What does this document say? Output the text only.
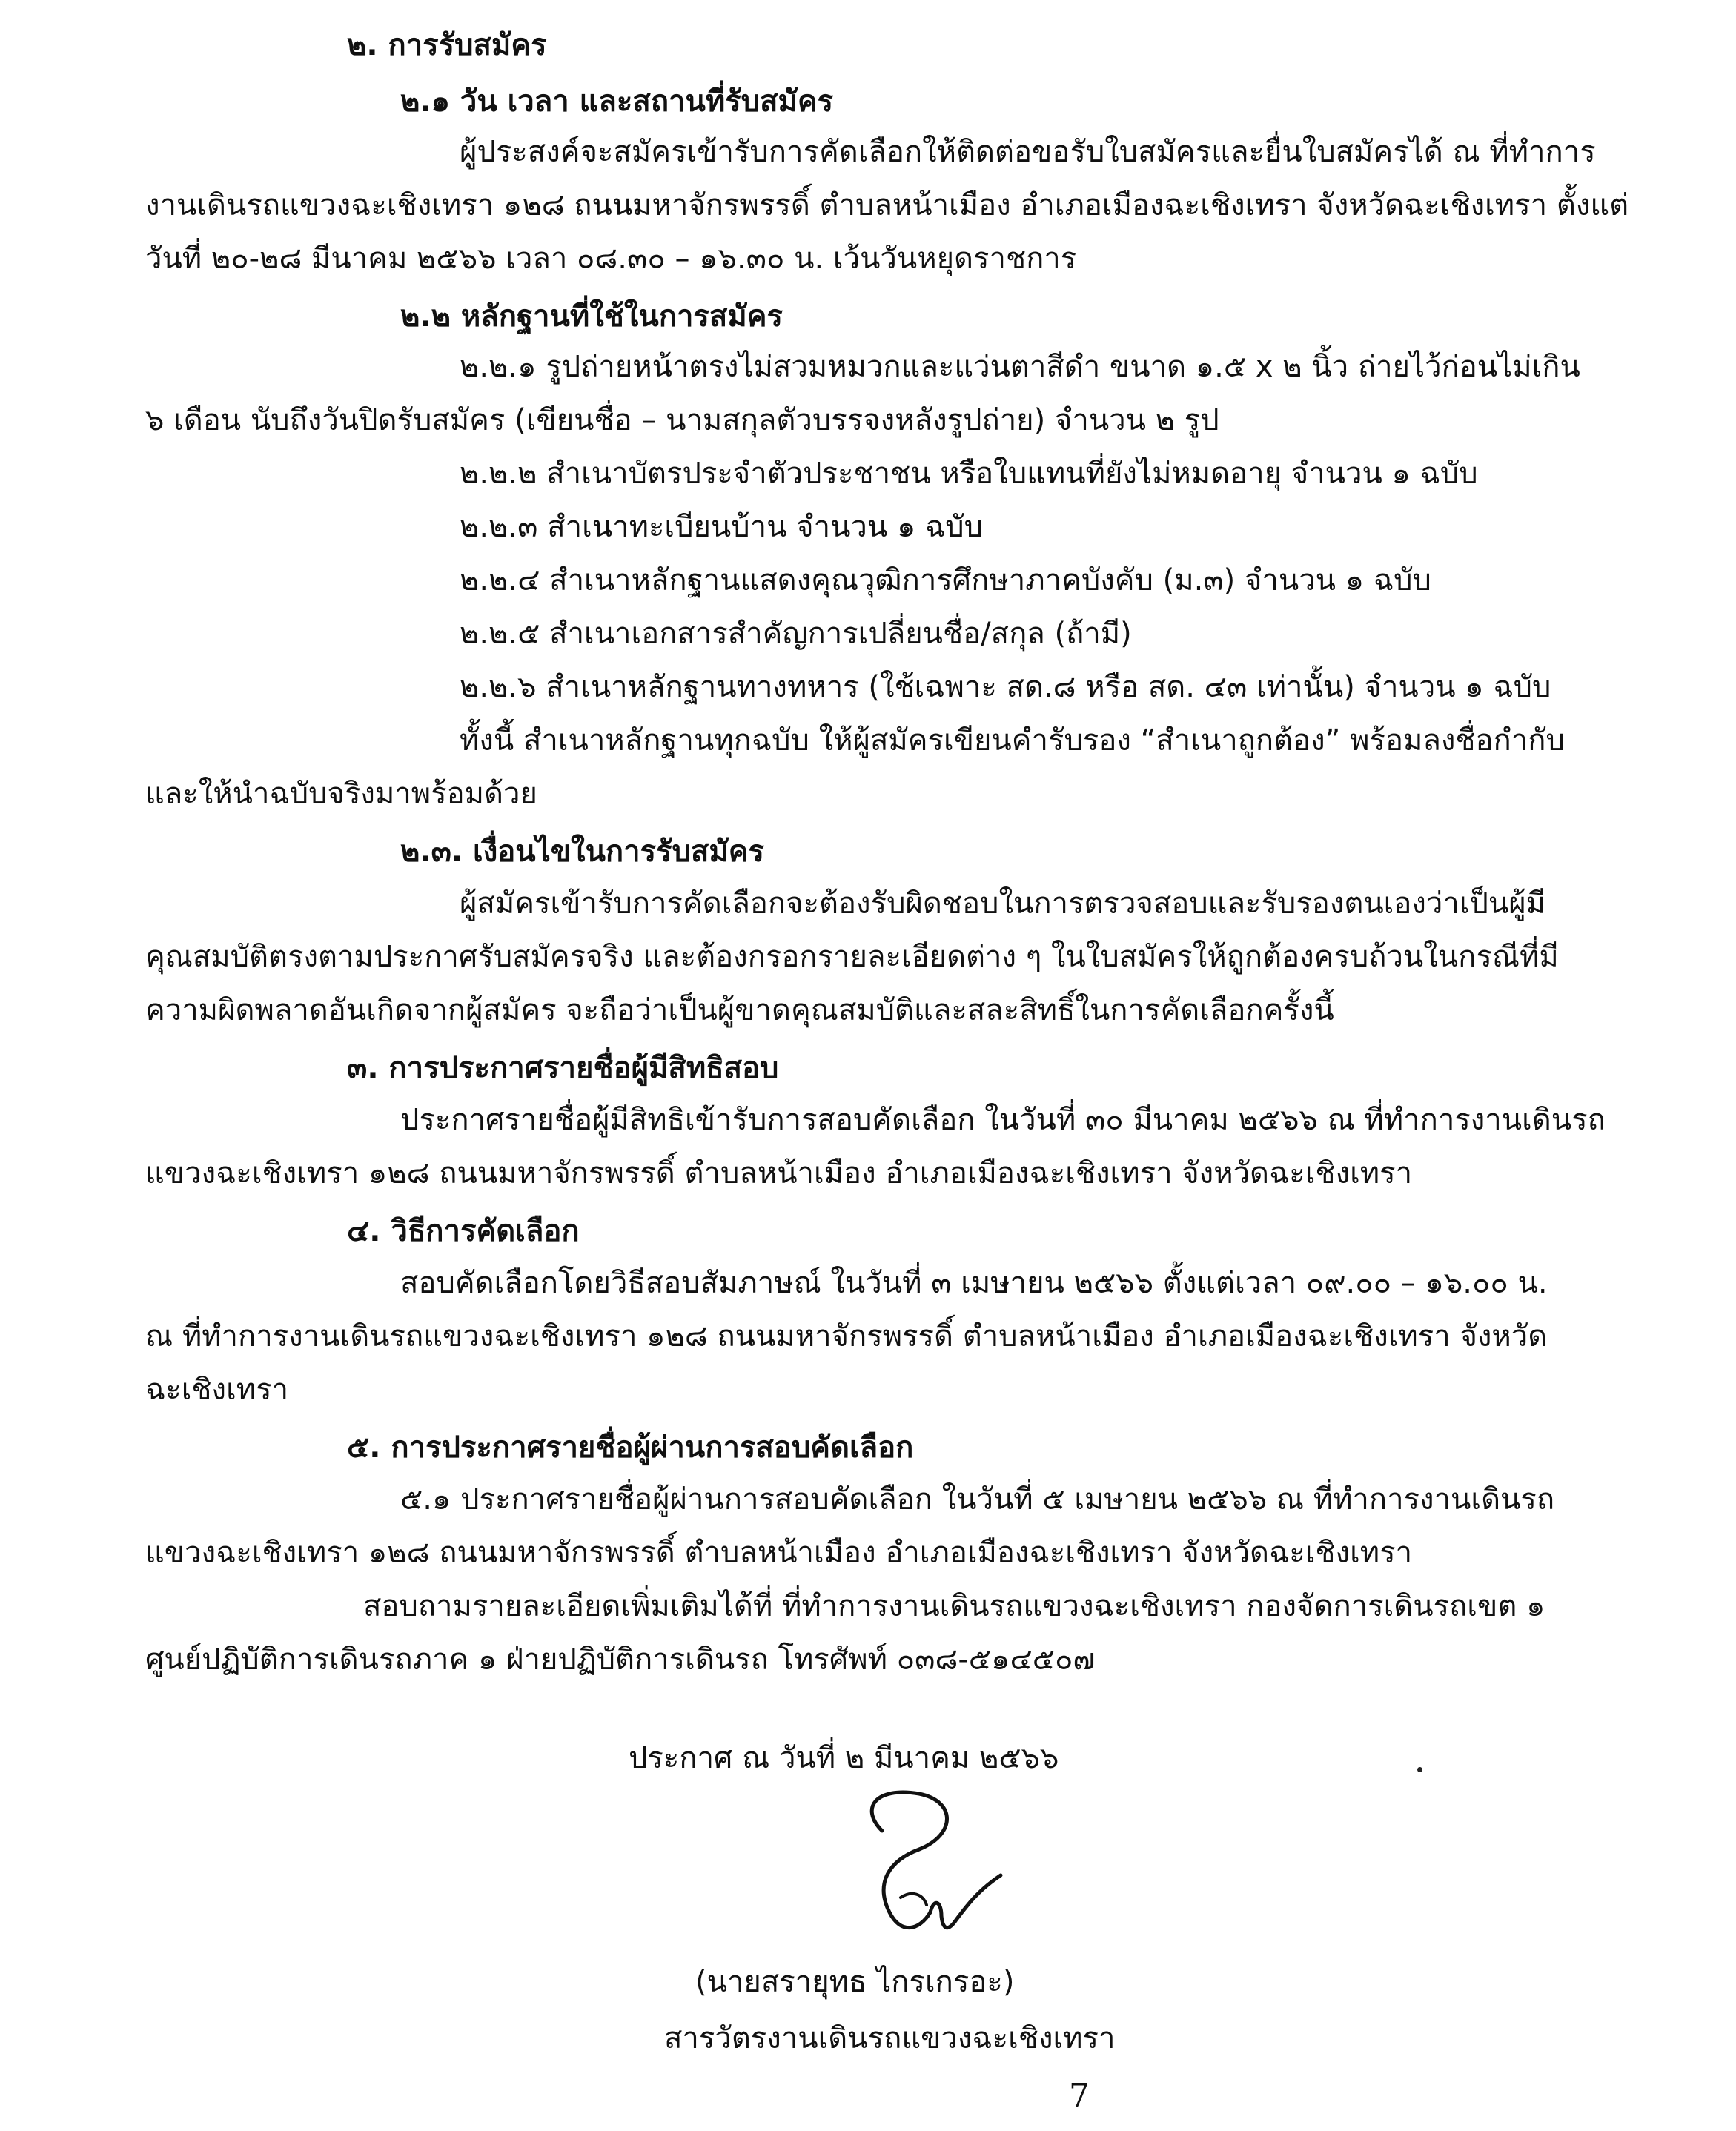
๒. การรับสมัคร
๒.๑ วัน เวลา และสถานที่รับสมัคร
ผู้ประสงค์จะสมัครเข้ารับการคัดเลือกให้ติดต่อขอรับใบสมัครและยื่นใบสมัครได้ ณ ที่ทำการ
งานเดินรถแขวงฉะเชิงเทรา ๑๒๘ ถนนมหาจักรพรรดิ์ ตำบลหน้าเมือง อำเภอเมืองฉะเชิงเทรา จังหวัดฉะเชิงเทรา ตั้งแต่
วันที่ ๒๐-๒๘ มีนาคม ๒๕๖๖ เวลา ๐๘.๓๐ – ๑๖.๓๐ น. เว้นวันหยุดราชการ
๒.๒ หลักฐานที่ใช้ในการสมัคร
๒.๒.๑ รูปถ่ายหน้าตรงไม่สวมหมวกและแว่นตาสีดำ ขนาด ๑.๕ x ๒ นิ้ว ถ่ายไว้ก่อนไม่เกิน
๖ เดือน นับถึงวันปิดรับสมัคร (เขียนชื่อ – นามสกุลตัวบรรจงหลังรูปถ่าย) จำนวน ๒ รูป
๒.๒.๒ สำเนาบัตรประจำตัวประชาชน หรือใบแทนที่ยังไม่หมดอายุ จำนวน ๑ ฉบับ
๒.๒.๓ สำเนาทะเบียนบ้าน จำนวน ๑ ฉบับ
๒.๒.๔ สำเนาหลักฐานแสดงคุณวุฒิการศึกษาภาคบังคับ (ม.๓) จำนวน ๑ ฉบับ
๒.๒.๕ สำเนาเอกสารสำคัญการเปลี่ยนชื่อ/สกุล (ถ้ามี)
๒.๒.๖ สำเนาหลักฐานทางทหาร (ใช้เฉพาะ สด.๘ หรือ สด. ๔๓ เท่านั้น) จำนวน ๑ ฉบับ
ทั้งนี้ สำเนาหลักฐานทุกฉบับ ให้ผู้สมัครเขียนคำรับรอง “สำเนาถูกต้อง” พร้อมลงชื่อกำกับ
และให้นำฉบับจริงมาพร้อมด้วย
๒.๓. เงื่อนไขในการรับสมัคร
ผู้สมัครเข้ารับการคัดเลือกจะต้องรับผิดชอบในการตรวจสอบและรับรองตนเองว่าเป็นผู้มี
คุณสมบัติตรงตามประกาศรับสมัครจริง และต้องกรอกรายละเอียดต่าง ๆ ในใบสมัครให้ถูกต้องครบถ้วนในกรณีที่มี
ความผิดพลาดอันเกิดจากผู้สมัคร จะถือว่าเป็นผู้ขาดคุณสมบัติและสละสิทธิ์ในการคัดเลือกครั้งนี้
๓. การประกาศรายชื่อผู้มีสิทธิสอบ
ประกาศรายชื่อผู้มีสิทธิเข้ารับการสอบคัดเลือก ในวันที่ ๓๐ มีนาคม ๒๕๖๖ ณ ที่ทำการงานเดินรถ
แขวงฉะเชิงเทรา ๑๒๘ ถนนมหาจักรพรรดิ์ ตำบลหน้าเมือง อำเภอเมืองฉะเชิงเทรา จังหวัดฉะเชิงเทรา
๔. วิธีการคัดเลือก
สอบคัดเลือกโดยวิธีสอบสัมภาษณ์ ในวันที่ ๓ เมษายน ๒๕๖๖ ตั้งแต่เวลา ๐๙.๐๐ – ๑๖.๐๐ น.
ณ ที่ทำการงานเดินรถแขวงฉะเชิงเทรา ๑๒๘ ถนนมหาจักรพรรดิ์ ตำบลหน้าเมือง อำเภอเมืองฉะเชิงเทรา จังหวัด
ฉะเชิงเทรา
๕. การประกาศรายชื่อผู้ผ่านการสอบคัดเลือก
๕.๑ ประกาศรายชื่อผู้ผ่านการสอบคัดเลือก ในวันที่ ๕ เมษายน ๒๕๖๖ ณ ที่ทำการงานเดินรถ
แขวงฉะเชิงเทรา ๑๒๘ ถนนมหาจักรพรรดิ์ ตำบลหน้าเมือง อำเภอเมืองฉะเชิงเทรา จังหวัดฉะเชิงเทรา
สอบถามรายละเอียดเพิ่มเติมได้ที่ ที่ทำการงานเดินรถแขวงฉะเชิงเทรา กองจัดการเดินรถเขต ๑
ศูนย์ปฏิบัติการเดินรถภาค ๑ ฝ่ายปฏิบัติการเดินรถ โทรศัพท์ ๐๓๘-๕๑๔๕๐๗
ประกาศ ณ วันที่ ๒ มีนาคม ๒๕๖๖
(นายสรายุทธ ไกรเกรอะ)
สารวัตรงานเดินรถแขวงฉะเชิงเทรา
7
